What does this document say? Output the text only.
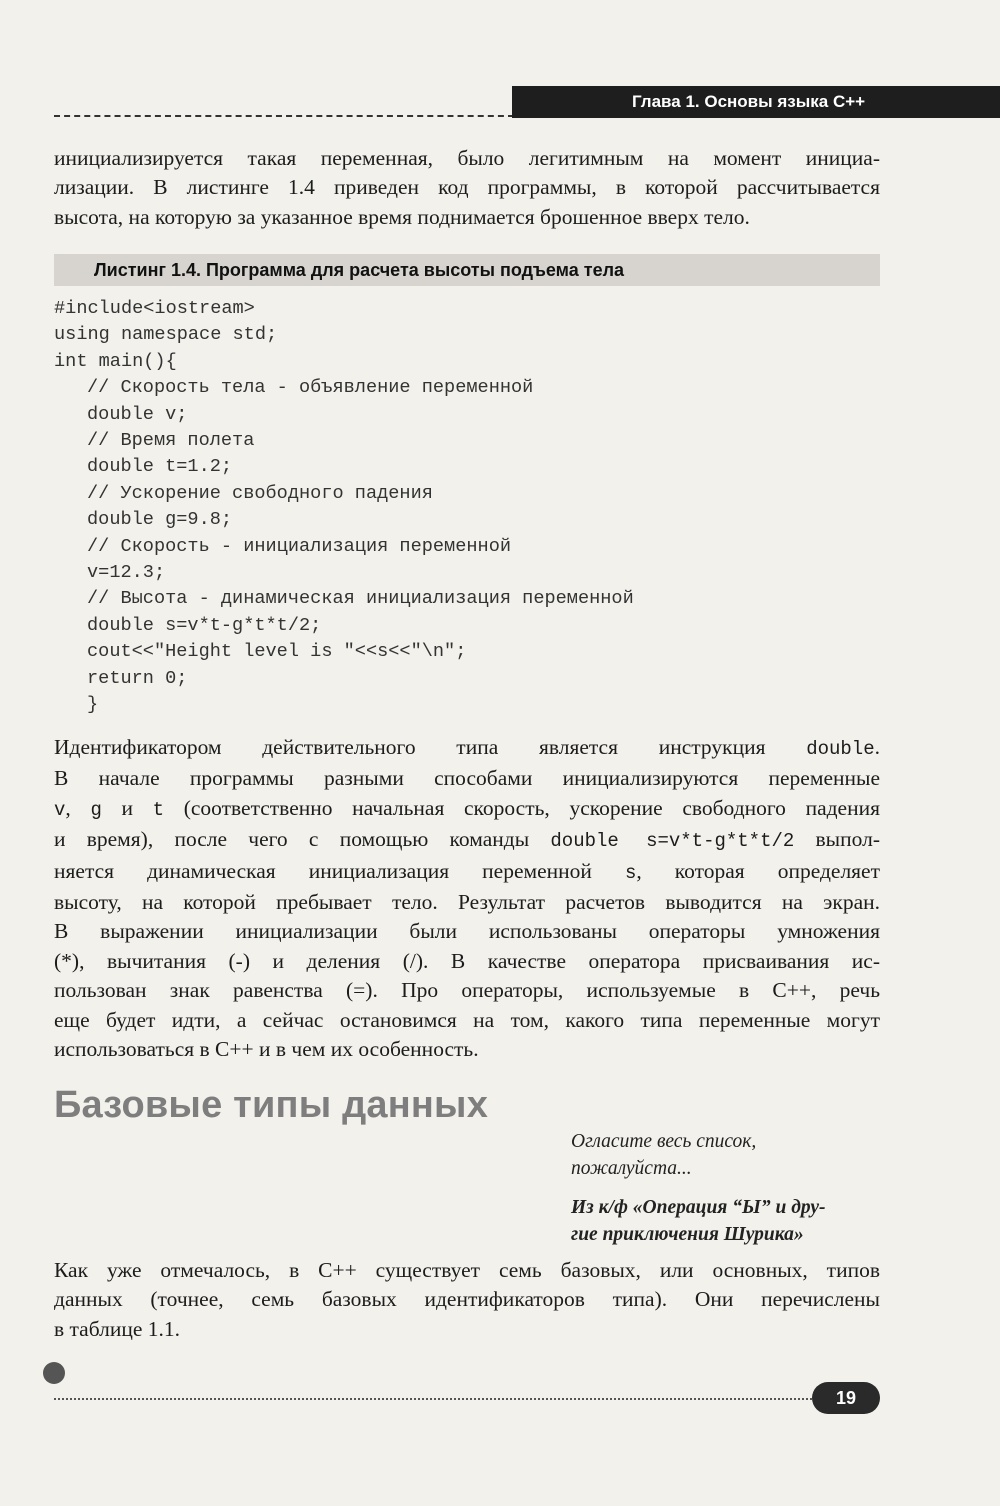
Глава 1. Основы языка С++
инициализируется такая переменная, было легитимным на момент инициа-
лизации. В листинге 1.4 приведен код программы, в которой рассчитывается
высота, на которую за указанное время поднимается брошенное вверх тело.
Листинг 1.4. Программа для расчета высоты подъема тела
#include<iostream>
using namespace std;
int main(){
// Скорость тела - объявление переменной
double v;
// Время полета
double t=1.2;
// Ускорение свободного падения
double g=9.8;
// Скорость - инициализация переменной
v=12.3;
// Высота - динамическая инициализация переменной
double s=v*t-g*t*t/2;
cout<<"Height level is "<<s<<"\n";
return 0;
}
Идентификатором действительного типа является инструкция double.
В начале программы разными способами инициализируются переменные
v, g и t (соответственно начальная скорость, ускорение свободного падения
и время), после чего с помощью команды double s=v*t-g*t*t/2 выпол-
няется динамическая инициализация переменной s, которая определяет
высоту, на которой пребывает тело. Результат расчетов выводится на экран.
В выражении инициализации были использованы операторы умножения
(*), вычитания (-) и деления (/). В качестве оператора присваивания ис-
пользован знак равенства (=). Про операторы, используемые в С++, речь
еще будет идти, а сейчас остановимся на том, какого типа переменные могут
использоваться в С++ и в чем их особенность.
Базовые типы данных
Огласите весь список,
пожалуйста...
Из к/ф «Операция “Ы” и дру-
гие приключения Шурика»
Как уже отмечалось, в С++ существует семь базовых, или основных, типов
данных (точнее, семь базовых идентификаторов типа). Они перечислены
в таблице 1.1.
19
